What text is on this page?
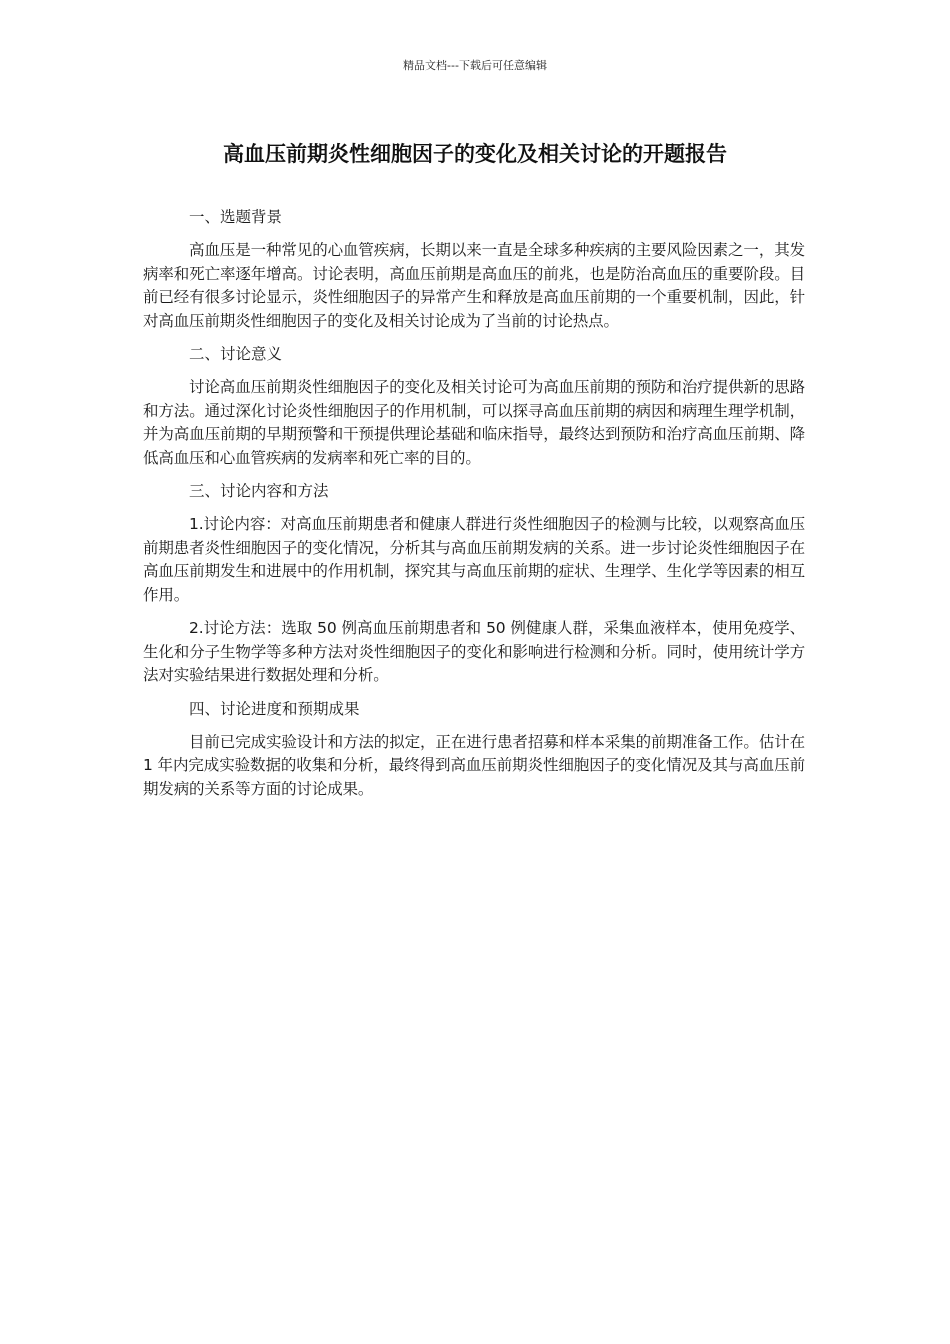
精品文档---下载后可任意编辑
高血压前期炎性细胞因子的变化及相关讨论的开题报告

一、选题背景

高血压是一种常见的心血管疾病，长期以来一直是全球多种疾病的主要风险因素之一，其发病率和死亡率逐年增高。讨论表明，高血压前期是高血压的前兆，也是防治高血压的重要阶段。目前已经有很多讨论显示，炎性细胞因子的异常产生和释放是高血压前期的一个重要机制，因此，针对高血压前期炎性细胞因子的变化及相关讨论成为了当前的讨论热点。

二、讨论意义

讨论高血压前期炎性细胞因子的变化及相关讨论可为高血压前期的预防和治疗提供新的思路和方法。通过深化讨论炎性细胞因子的作用机制，可以探寻高血压前期的病因和病理生理学机制，并为高血压前期的早期预警和干预提供理论基础和临床指导，最终达到预防和治疗高血压前期、降低高血压和心血管疾病的发病率和死亡率的目的。

三、讨论内容和方法

1.讨论内容：对高血压前期患者和健康人群进行炎性细胞因子的检测与比较，以观察高血压前期患者炎性细胞因子的变化情况，分析其与高血压前期发病的关系。进一步讨论炎性细胞因子在高血压前期发生和进展中的作用机制，探究其与高血压前期的症状、生理学、生化学等因素的相互作用。

2.讨论方法：选取 50 例高血压前期患者和 50 例健康人群，采集血液样本，使用免疫学、生化和分子生物学等多种方法对炎性细胞因子的变化和影响进行检测和分析。同时，使用统计学方法对实验结果进行数据处理和分析。

四、讨论进度和预期成果

目前已完成实验设计和方法的拟定，正在进行患者招募和样本采集的前期准备工作。估计在 1 年内完成实验数据的收集和分析，最终得到高血压前期炎性细胞因子的变化情况及其与高血压前期发病的关系等方面的讨论成果。
